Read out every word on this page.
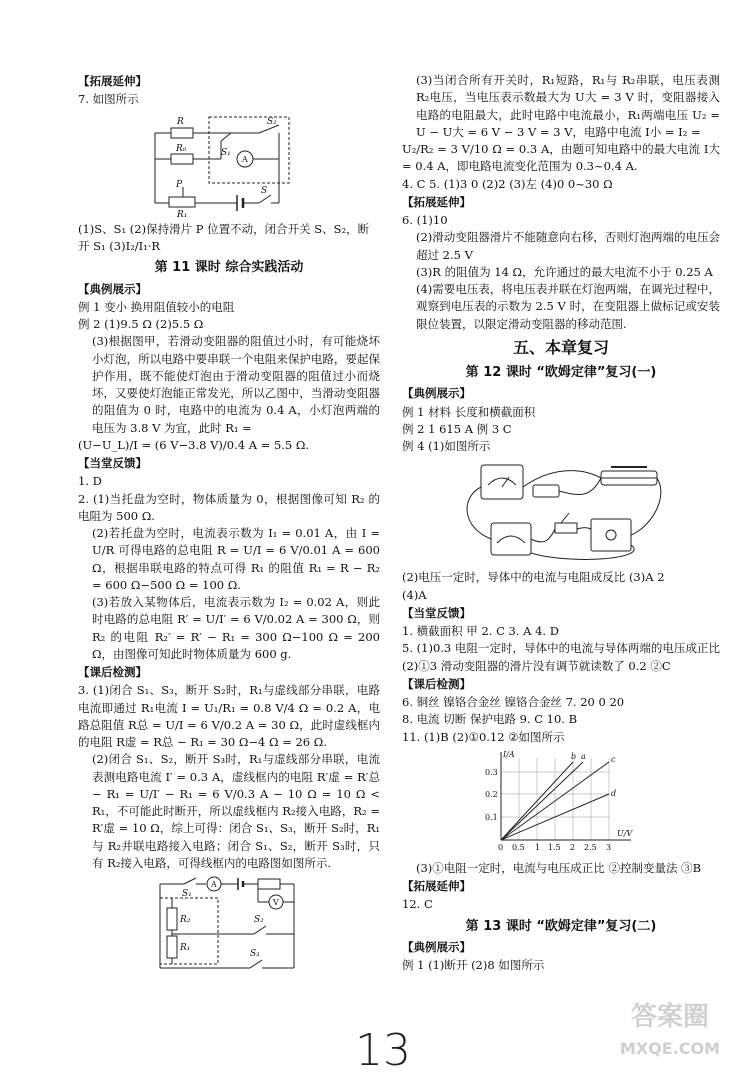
【拓展延伸】

7. 如图所示

R
R₀	S₁
S₂
A
P
R₁
S

(1)S、S₁ (2)保持滑片 P 位置不动，闭合开关 S、S₂，断

开 S₁ (3)I₂/I₁·R

第 11 课时 综合实践活动
【典例展示】

例 1 变小 换用阻值较小的电阻

例 2 (1)9.5 Ω (2)5.5 Ω

(3)根据图甲，若滑动变阻器的阻值过小时，有可能烧坏小灯泡，所以电路中要串联一个电阻来保护电路，要起保护作用，既不能使灯泡由于滑动变阻器的阻值过小而烧坏，又要使灯泡能正常发光，所以乙图中，当滑动变阻器的阻值为 0 时，电路中的电流为 0.4 A，小灯泡两端的电压为 3.8 V 为宜，此时 R₁ =

(U−U_L)/I = (6 V−3.8 V)/0.4 A = 5.5 Ω.

【当堂反馈】

1. D

2. (1)当托盘为空时，物体质量为 0，根据图像可知 R₂ 的电阻为 500 Ω.

(2)若托盘为空时，电流表示数为 I₁ = 0.01 A，由 I = U/R 可得电路的总电阻 R = U/I = 6 V/0.01 A = 600 Ω，根据串联电路的特点可得 R₁ 的阻值 R₁ = R − R₂ = 600 Ω−500 Ω = 100 Ω.

(3)若放入某物体后，电流表示数为 I₂ = 0.02 A，则此时电路的总电阻 R′ = U/I′ = 6 V/0.02 A = 300 Ω，则 R₂ 的电阻 R₂′ = R′ − R₁ = 300 Ω−100 Ω = 200 Ω，由图像可知此时物体质量为 600 g.

【课后检测】

3. (1)闭合 S₁、S₃，断开 S₂时，R₁与虚线部分串联，电路电流即通过 R₁电流 I = U₁/R₁ = 0.8 V/4 Ω = 0.2 A，电路总阻值 R总 = U/I = 6 V/0.2 A = 30 Ω，此时虚线框内的电阻 R虚 = R总 − R₁ = 30 Ω−4 Ω = 26 Ω.

(2)闭合 S₁、S₂，断开 S₃时，R₁与虚线部分串联，电流表测电路电流 I′ = 0.3 A，虚线框内的电阻 R′虚 = R′总 − R₁ = U/I′ − R₁ = 6 V/0.3 A − 10 Ω = 10 Ω < R₁，不可能此时断开，所以虚线框内 R₂接入电路，R₂ = R′虚 = 10 Ω，综上可得：闭合 S₁、S₃，断开 S₂时，R₁与 R₂并联电路接入电路；闭合 S₁、S₂，断开 S₃时，只有 R₂接入电路，可得线框内的电路图如图所示.

S₁
A
V
R₂
R₁
S₂
S₃

(3)当闭合所有开关时，R₁短路，R₁与 R₂串联，电压表测 R₂电压，当电压表示数最大为 U大 = 3 V 时，变阻器接入电路的电阻最大，此时电路中电流最小，R₁两端电压 U₂ = U − U大 = 6 V − 3 V = 3 V，电路中电流 I小 = I₂ =

U₂/R₂ = 3 V/10 Ω = 0.3 A，由题可知电路中的最大电流 I大 = 0.4 A，即电路电流变化范围为 0.3~0.4 A.

4. C 5. (1)3 0 (2)2 (3)左 (4)0 0~30 Ω

【拓展延伸】

6. (1)10

(2)滑动变阻器滑片不能随意向右移，否则灯泡两端的电压会超过 2.5 V

(3)R 的阻值为 14 Ω，允许通过的最大电流不小于 0.25 A

(4)需要电压表，将电压表并联在灯泡两端，在调光过程中，观察到电压表的示数为 2.5 V 时，在变阻器上做标记或安装限位装置，以限定滑动变阻器的移动范围.

五、本章复习
第 12 课时 “欧姆定律”复习(一)
【典例展示】

例 1 材料 长度和横截面积

例 2 1 615 A 例 3 C

例 4 (1)如图所示

(2)电压一定时，导体中的电流与电阻成反比 (3)A 2

(4)A

【当堂反馈】

1. 横截面积 甲 2. C 3. A 4. D

5. (1)0.3 电阻一定时，导体中的电流与导体两端的电压成正比 (2)①3 滑动变阻器的滑片没有调节就读数了 0.2 ②C

【课后检测】

6. 铜丝 镍铬合金丝 镍铬合金丝 7. 20 0 20

8. 电流 切断 保护电路 9. C 10. B

11. (1)B (2)①0.12 ②如图所示

I/A
U/V
0.1
0.2
0.3
0 0.5 1 1.5 2 2.5 3
b a	c
d

(3)①电阻一定时，电流与电压成正比 ②控制变量法 ③B

【拓展延伸】

12. C

第 13 课时 “欧姆定律”复习(二)
【典例展示】

例 1 (1)断开 (2)8 如图所示

13
答案圈
MXQE.COM
